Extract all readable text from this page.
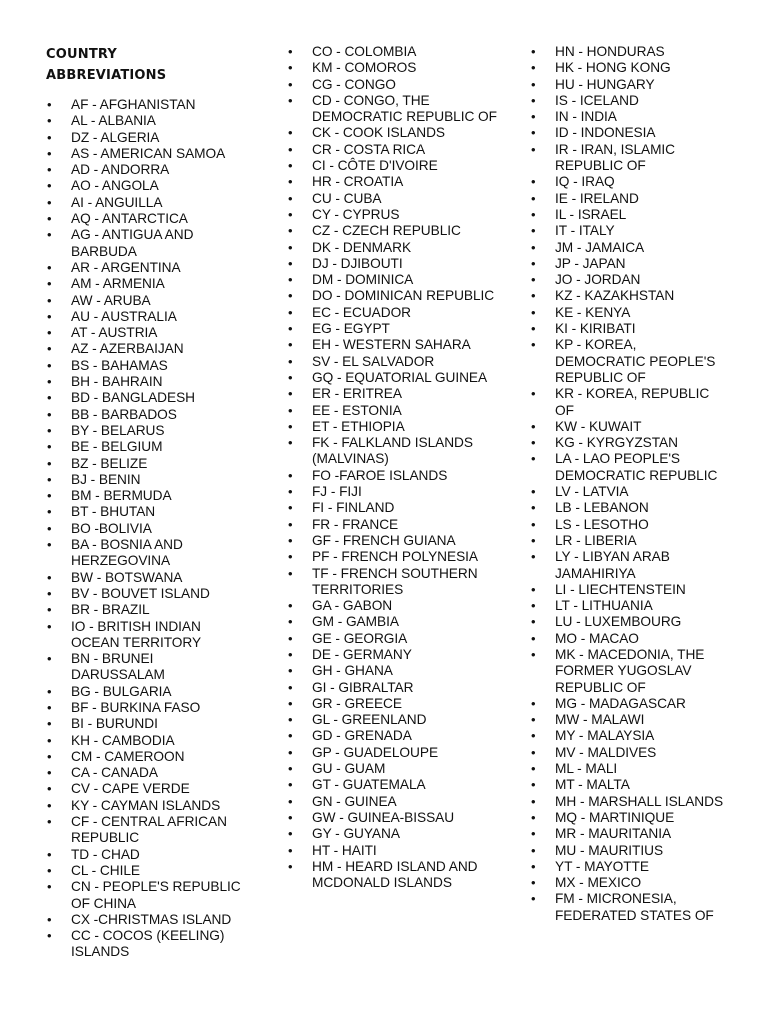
COUNTRY ABBREVIATIONS
• AF - AFGHANISTAN
• AL - ALBANIA
• DZ - ALGERIA
• AS - AMERICAN SAMOA
• AD - ANDORRA
• AO - ANGOLA
• AI - ANGUILLA
• AQ - ANTARCTICA
• AG - ANTIGUA AND BARBUDA
• AR - ARGENTINA
• AM - ARMENIA
• AW - ARUBA
• AU - AUSTRALIA
• AT - AUSTRIA
• AZ - AZERBAIJAN
• BS - BAHAMAS
• BH - BAHRAIN
• BD - BANGLADESH
• BB - BARBADOS
• BY - BELARUS
• BE - BELGIUM
• BZ - BELIZE
• BJ - BENIN
• BM - BERMUDA
• BT - BHUTAN
• BO -BOLIVIA
• BA - BOSNIA AND HERZEGOVINA
• BW - BOTSWANA
• BV - BOUVET ISLAND
• BR - BRAZIL
• IO - BRITISH INDIAN OCEAN TERRITORY
• BN - BRUNEI DARUSSALAM
• BG - BULGARIA
• BF - BURKINA FASO
• BI - BURUNDI
• KH - CAMBODIA
• CM - CAMEROON
• CA - CANADA
• CV - CAPE VERDE
• KY - CAYMAN ISLANDS
• CF - CENTRAL AFRICAN REPUBLIC
• TD - CHAD
• CL - CHILE
• CN - PEOPLE'S REPUBLIC OF CHINA
• CX -CHRISTMAS ISLAND
• CC - COCOS (KEELING) ISLANDS
• CO - COLOMBIA
• KM - COMOROS
• CG - CONGO
• CD - CONGO, THE DEMOCRATIC REPUBLIC OF
• CK - COOK ISLANDS
• CR - COSTA RICA
• CI - CÔTE D'IVOIRE
• HR - CROATIA
• CU - CUBA
• CY - CYPRUS
• CZ - CZECH REPUBLIC
• DK - DENMARK
• DJ - DJIBOUTI
• DM - DOMINICA
• DO - DOMINICAN REPUBLIC
• EC - ECUADOR
• EG - EGYPT
• EH - WESTERN SAHARA
• SV - EL SALVADOR
• GQ - EQUATORIAL GUINEA
• ER - ERITREA
• EE - ESTONIA
• ET - ETHIOPIA
• FK - FALKLAND ISLANDS (MALVINAS)
• FO -FAROE ISLANDS
• FJ - FIJI
• FI - FINLAND
• FR - FRANCE
• GF - FRENCH GUIANA
• PF - FRENCH POLYNESIA
• TF - FRENCH SOUTHERN TERRITORIES
• GA - GABON
• GM - GAMBIA
• GE - GEORGIA
• DE - GERMANY
• GH - GHANA
• GI - GIBRALTAR
• GR - GREECE
• GL - GREENLAND
• GD - GRENADA
• GP - GUADELOUPE
• GU - GUAM
• GT - GUATEMALA
• GN - GUINEA
• GW - GUINEA-BISSAU
• GY - GUYANA
• HT - HAITI
• HM - HEARD ISLAND AND MCDONALD ISLANDS
• HN - HONDURAS
• HK - HONG KONG
• HU - HUNGARY
• IS - ICELAND
• IN - INDIA
• ID - INDONESIA
• IR - IRAN, ISLAMIC REPUBLIC OF
• IQ - IRAQ
• IE - IRELAND
• IL - ISRAEL
• IT - ITALY
• JM - JAMAICA
• JP - JAPAN
• JO - JORDAN
• KZ - KAZAKHSTAN
• KE - KENYA
• KI - KIRIBATI
• KP - KOREA, DEMOCRATIC PEOPLE'S REPUBLIC OF
• KR - KOREA, REPUBLIC OF
• KW - KUWAIT
• KG - KYRGYZSTAN
• LA - LAO PEOPLE'S DEMOCRATIC REPUBLIC
• LV - LATVIA
• LB - LEBANON
• LS - LESOTHO
• LR - LIBERIA
• LY - LIBYAN ARAB JAMAHIRIYA
• LI - LIECHTENSTEIN
• LT - LITHUANIA
• LU - LUXEMBOURG
• MO - MACAO
• MK - MACEDONIA, THE FORMER YUGOSLAV REPUBLIC OF
• MG - MADAGASCAR
• MW - MALAWI
• MY - MALAYSIA
• MV - MALDIVES
• ML - MALI
• MT - MALTA
• MH - MARSHALL ISLANDS
• MQ - MARTINIQUE
• MR - MAURITANIA
• MU - MAURITIUS
• YT - MAYOTTE
• MX - MEXICO
• FM - MICRONESIA, FEDERATED STATES OF
